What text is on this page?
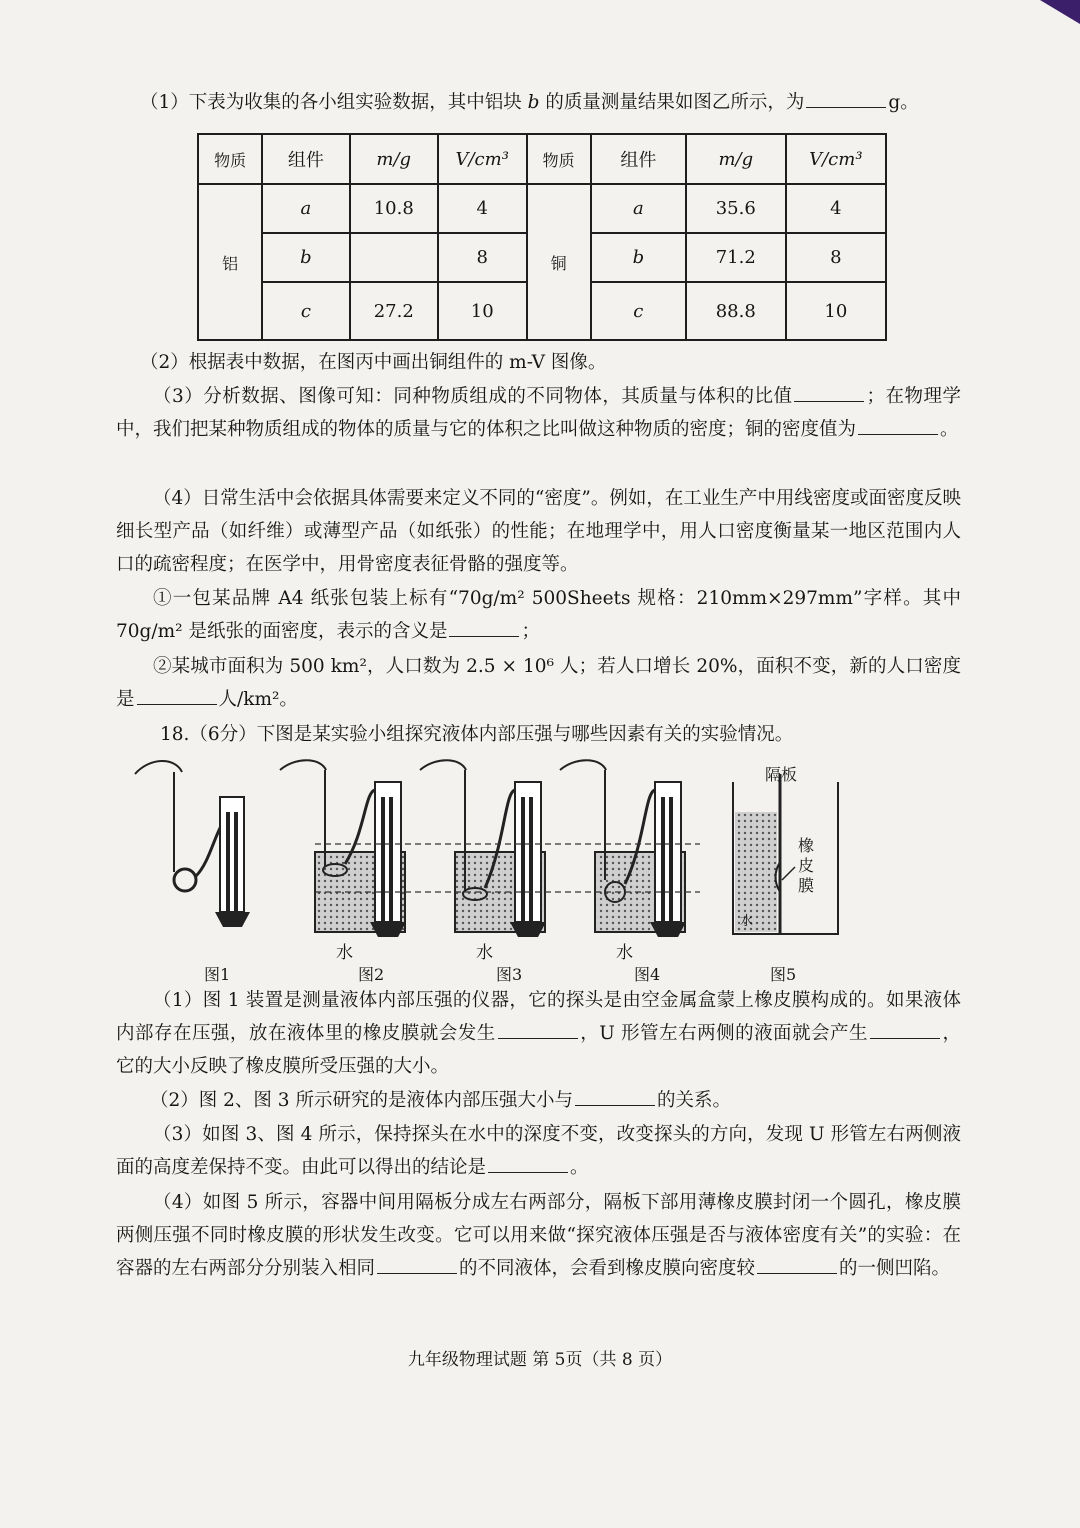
（1）下表为收集的各小组实验数据，其中铝块 b 的质量测量结果如图乙所示，为	g。
物质	组件	m/g	V/cm³	物质	组件	m/g	V/cm³
铝	a	10.8	4	铜	a	35.6	4
	b		8		b	71.2	8
	c	27.2	10		c	88.8	10
（2）根据表中数据，在图丙中画出铜组件的 m-V 图像。

（3）分析数据、图像可知：同种物质组成的不同物体，其质量与体积的比值	；在物理学中，我们把某种物质组成的物体的质量与它的体积之比叫做这种物质的密度；铜的密度值为	。

（4）日常生活中会依据具体需要来定义不同的“密度”。例如，在工业生产中用线密度或面密度反映细长型产品（如纤维）或薄型产品（如纸张）的性能；在地理学中，用人口密度衡量某一地区范围内人口的疏密程度；在医学中，用骨密度表征骨骼的强度等。

①一包某品牌 A4 纸张包装上标有“70g/m² 500Sheets 规格：210mm×297mm”字样。其中 70g/m² 是纸张的面密度，表示的含义是	；

②某城市面积为 500 km²，人口数为 2.5 × 10⁶ 人；若人口增长 20%，面积不变，新的人口密度是	人/km²。

18.（6分）下图是某实验小组探究液体内部压强与哪些因素有关的实验情况。
隔板
橡皮膜
水
水	水	水
图1	图2	图3	图4	图5

（1）图 1 装置是测量液体内部压强的仪器，它的探头是由空金属盒蒙上橡皮膜构成的。如果液体内部存在压强，放在液体里的橡皮膜就会发生	，U 形管左右两侧的液面就会产生	，它的大小反映了橡皮膜所受压强的大小。

（2）图 2、图 3 所示研究的是液体内部压强大小与	的关系。

（3）如图 3、图 4 所示，保持探头在水中的深度不变，改变探头的方向，发现 U 形管左右两侧液面的高度差保持不变。由此可以得出的结论是	。

（4）如图 5 所示，容器中间用隔板分成左右两部分，隔板下部用薄橡皮膜封闭一个圆孔，橡皮膜两侧压强不同时橡皮膜的形状发生改变。它可以用来做“探究液体压强是否与液体密度有关”的实验：在容器的左右两部分分别装入相同	的不同液体，会看到橡皮膜向密度较	的一侧凹陷。

九年级物理试题 第 5页（共 8 页）
